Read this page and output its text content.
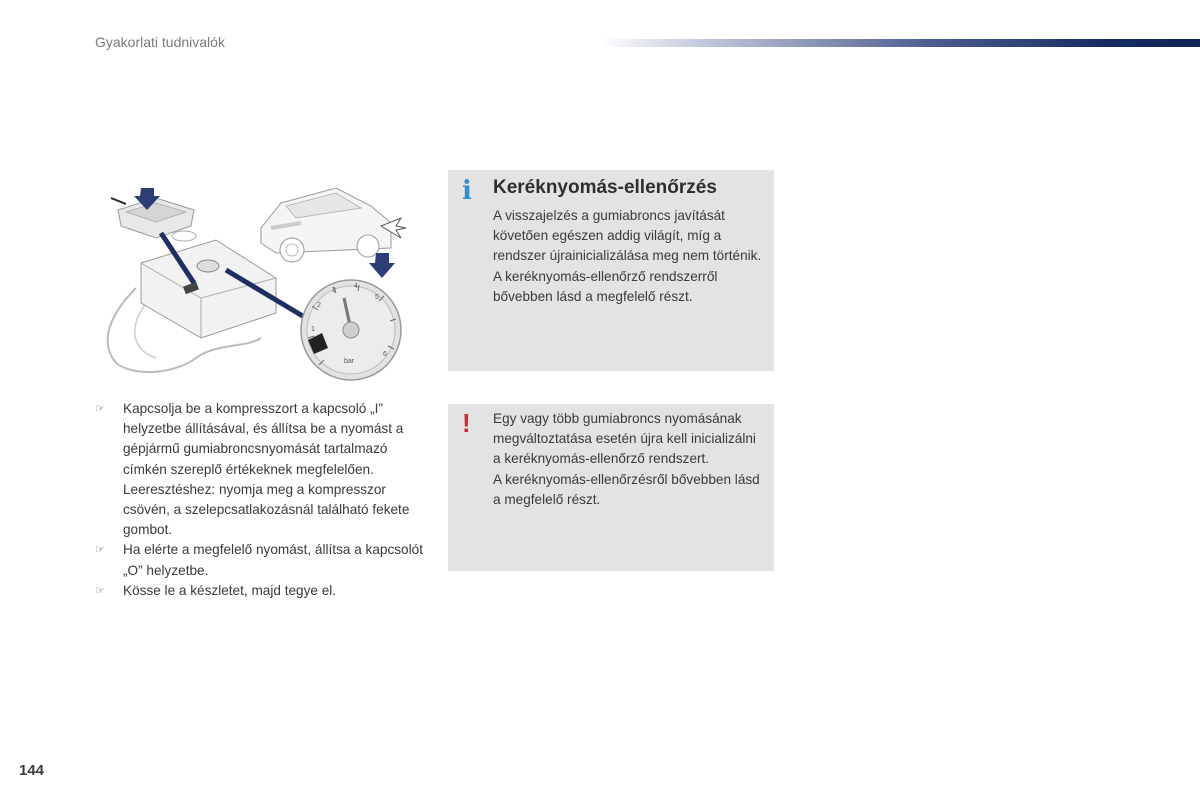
Gyakorlati tudnivalók
1
2
3
4
5
6
bar
i Keréknyomás-ellenőrzés

A visszajelzés a gumiabroncs javítását követően egészen addig világít, míg a rendszer újrainicializálása meg nem történik.

A keréknyomás-ellenőrző rendszerről bővebben lásd a megfelelő részt.

! Egy vagy több gumiabroncs nyomásának megváltoztatása esetén újra kell inicializálni a keréknyomás-ellenőrző rendszert.

A keréknyomás-ellenőrzésről bővebben lásd a megfelelő részt.

☞ Kapcsolja be a kompresszort a kapcsoló „I” helyzetbe állításával, és állítsa be a nyomást a gépjármű gumiabroncsnyomását tartalmazó címkén szereplő értékeknek megfelelően.
Leeresztéshez: nyomja meg a kompresszor csövén, a szelepcsatlakozásnál található fekete gombot.
☞ Ha elérte a megfelelő nyomást, állítsa a kapcsolót „O” helyzetbe.
☞ Kösse le a készletet, majd tegye el.
144
